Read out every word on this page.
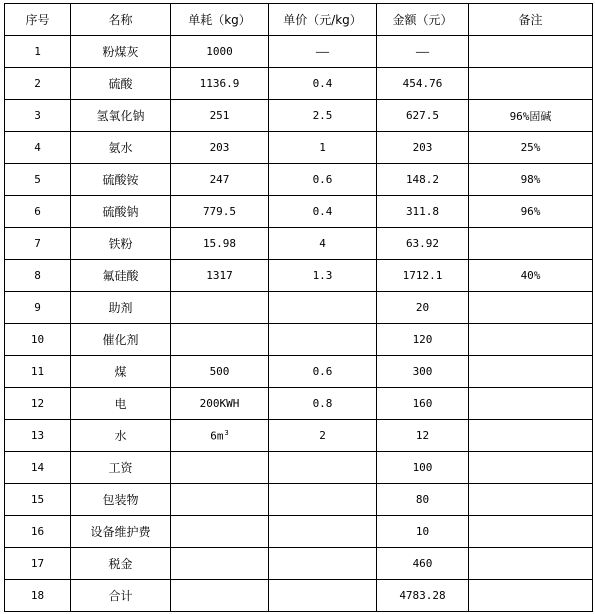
序号	名称	单耗（kg）	单价（元/kg）	金额（元）	备注
1	粉煤灰	1000	——	——	
2	硫酸	1136.9	0.4	454.76	
3	氢氧化钠	251	2.5	627.5	96%固碱
4	氨水	203	1	203	25%
5	硫酸铵	247	0.6	148.2	98%
6	硫酸钠	779.5	0.4	311.8	96%
7	铁粉	15.98	4	63.92	
8	氟硅酸	1317	1.3	1712.1	40%
9	助剂			20	
10	催化剂			120	
11	煤	500	0.6	300	
12	电	200KWH	0.8	160	
13	水	$6m^3$	2	12	
14	工资			100	
15	包装物			80	
16	设备维护费			10	
17	税金			460	
18	合计			4783.28	
